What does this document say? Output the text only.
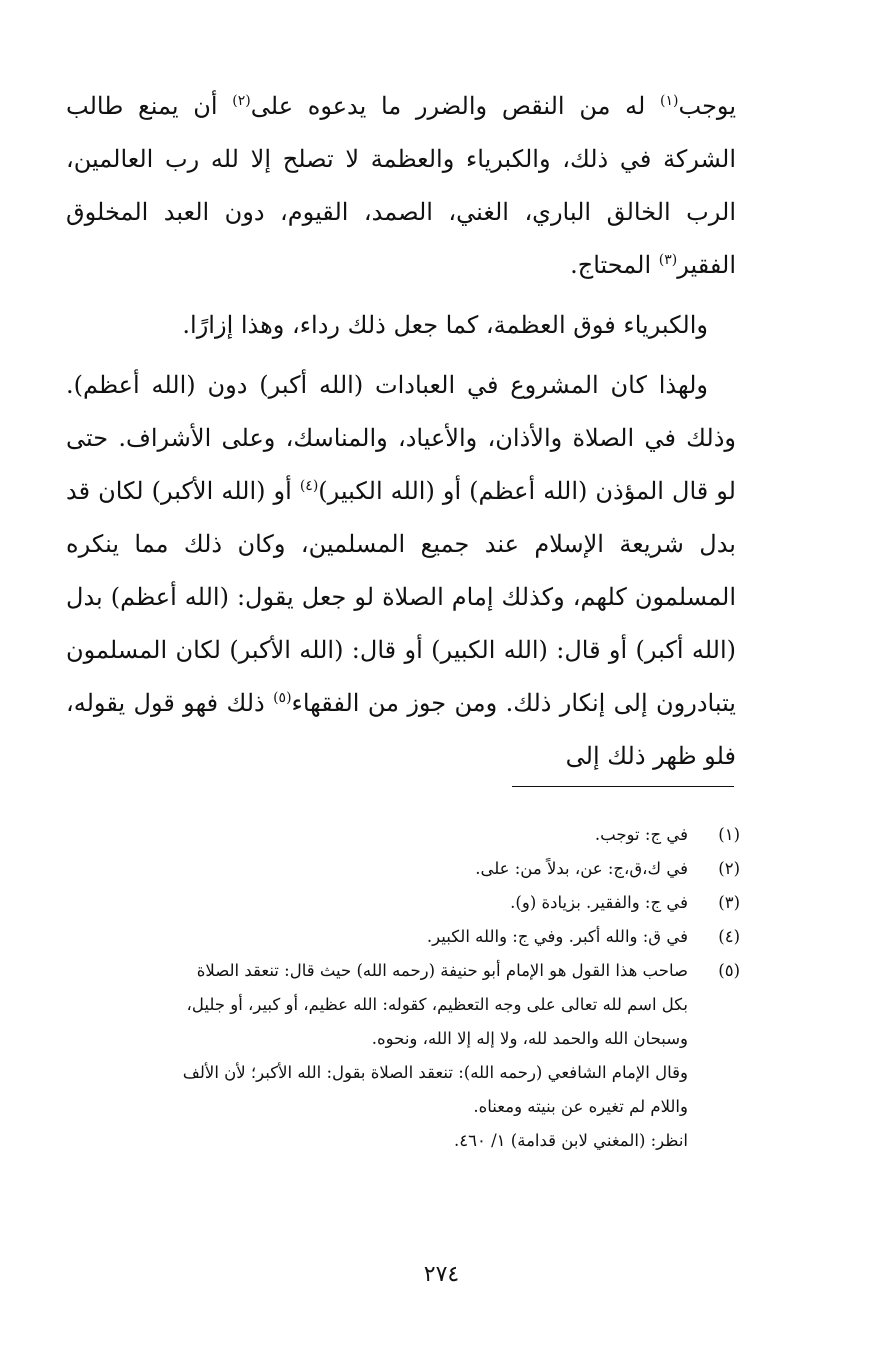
يوجب$^{(١)}$ له من النقص والضرر ما يدعوه على$^{(٢)}$ أن يمنع طالب الشركة في ذلك، والكبرياء والعظمة لا تصلح إلا لله رب العالمين، الرب الخالق الباري، الغني، الصمد، القيوم، دون العبد المخلوق الفقير$^{(٣)}$ المحتاج.

والكبرياء فوق العظمة، كما جعل ذلك رداء، وهذا إزارًا.

ولهذا كان المشروع في العبادات (الله أكبر) دون (الله أعظم). وذلك في الصلاة والأذان، والأعياد، والمناسك، وعلى الأشراف. حتى لو قال المؤذن (الله أعظم) أو (الله الكبير)$^{(٤)}$ أو (الله الأكبر) لكان قد بدل شريعة الإسلام عند جميع المسلمين، وكان ذلك مما ينكره المسلمون كلهم، وكذلك إمام الصلاة لو جعل يقول: (الله أعظم) بدل (الله أكبر) أو قال: (الله الكبير) أو قال: (الله الأكبر) لكان المسلمون يتبادرون إلى إنكار ذلك. ومن جوز من الفقهاء$^{(٥)}$ ذلك فهو قول يقوله، فلو ظهر ذلك إلى

(١)
في ج: توجب.
(٢)
في ك،ق،ج: عن، بدلاً من: على.
(٣)
في ج: والفقير. بزيادة (و).
(٤)
في ق: والله أكبر. وفي ج: والله الكبير.
(٥)
صاحب هذا القول هو الإمام أبو حنيفة (رحمه الله) حيث قال: تنعقد الصلاة
بكل اسم لله تعالى على وجه التعظيم، كقوله: الله عظيم، أو كبير، أو جليل،
وسبحان الله والحمد لله، ولا إله إلا الله، ونحوه.
وقال الإمام الشافعي (رحمه الله): تنعقد الصلاة بقول: الله الأكبر؛ لأن الألف
واللام لم تغيره عن بنيته ومعناه.
انظر: (المغني لابن قدامة) ١/ ٤٦٠.
٢٧٤
